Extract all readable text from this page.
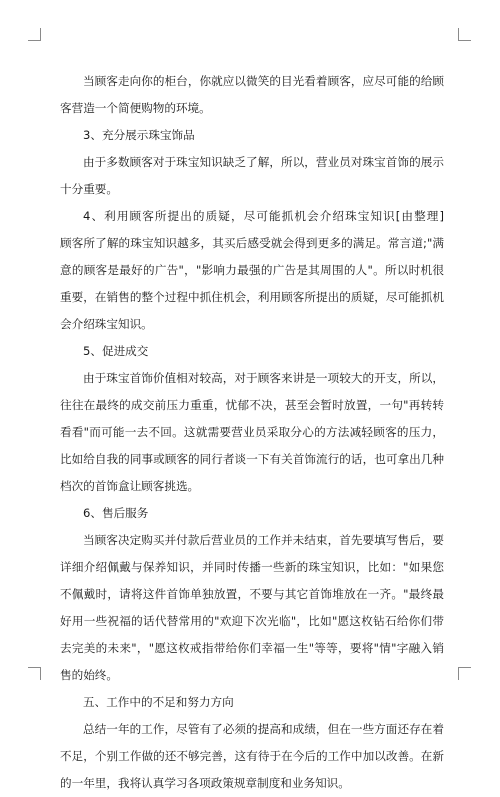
当顾客走向你的柜台，你就应以微笑的目光看着顾客，应尽可能的给顾客营造一个简便购物的环境。

3、充分展示珠宝饰品

由于多数顾客对于珠宝知识缺乏了解，所以，营业员对珠宝首饰的展示十分重要。

4、利用顾客所提出的质疑，尽可能抓机会介绍珠宝知识[由整理]　　顾客所了解的珠宝知识越多，其买后感受就会得到更多的满足。常言道;"满意的顾客是最好的广告"，"影响力最强的广告是其周围的人"。所以时机很重要，在销售的整个过程中抓住机会，利用顾客所提出的质疑，尽可能抓机会介绍珠宝知识。

5、促进成交

由于珠宝首饰价值相对较高，对于顾客来讲是一项较大的开支，所以，往往在最终的成交前压力重重，忧郁不决，甚至会暂时放置，一句"再转转看看"而可能一去不回。这就需要营业员采取分心的方法减轻顾客的压力，比如给自我的同事或顾客的同行者谈一下有关首饰流行的话，也可拿出几种档次的首饰盒让顾客挑选。

6、售后服务

当顾客决定购买并付款后营业员的工作并未结束，首先要填写售后，要详细介绍佩戴与保养知识，并同时传播一些新的珠宝知识，比如："如果您不佩戴时，请将这件首饰单独放置，不要与其它首饰堆放在一齐。"最终最好用一些祝福的话代替常用的"欢迎下次光临"，比如"愿这枚钻石给你们带去完美的未来"，"愿这枚戒指带给你们幸福一生"等等，要将"情"字融入销售的始终。

五、工作中的不足和努力方向

总结一年的工作，尽管有了必须的提高和成绩，但在一些方面还存在着不足，个别工作做的还不够完善，这有待于在今后的工作中加以改善。在新的一年里，我将认真学习各项政策规章制度和业务知识。
